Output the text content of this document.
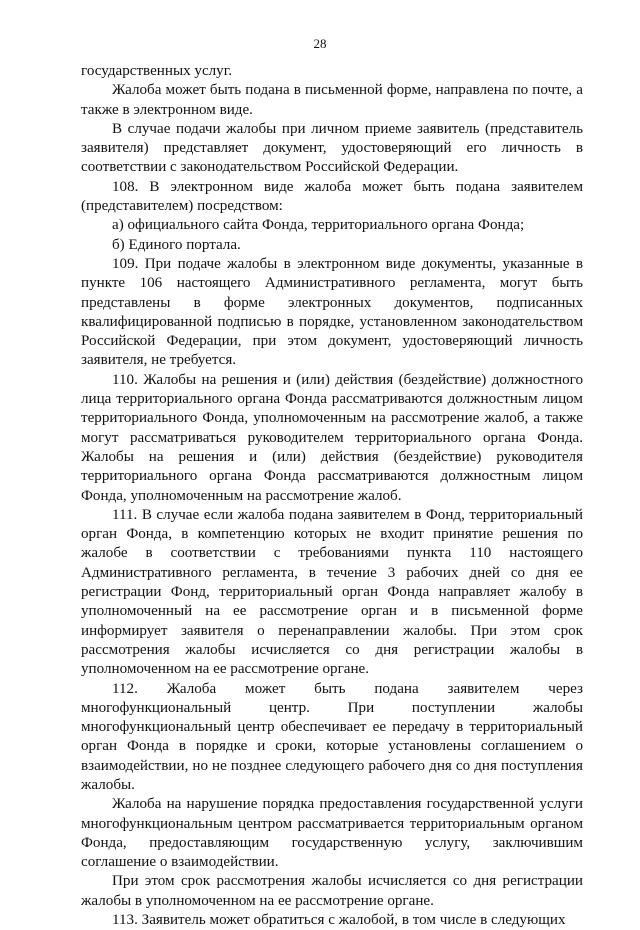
28

государственных услуг.

Жалоба может быть подана в письменной форме, направлена по почте, а также в электронном виде.

В случае подачи жалобы при личном приеме заявитель (представитель заявителя) представляет документ, удостоверяющий его личность в соответствии с законодательством Российской Федерации.

108. В электронном виде жалоба может быть подана заявителем (представителем) посредством:

а) официального сайта Фонда, территориального органа Фонда;

б) Единого портала.

109. При подаче жалобы в электронном виде документы, указанные в пункте 106 настоящего Административного регламента, могут быть представлены в форме электронных документов, подписанных квалифицированной подписью в порядке, установленном законодательством Российской Федерации, при этом документ, удостоверяющий личность заявителя, не требуется.

110. Жалобы на решения и (или) действия (бездействие) должностного лица территориального органа Фонда рассматриваются должностным лицом территориального Фонда, уполномоченным на рассмотрение жалоб, а также могут рассматриваться руководителем территориального органа Фонда. Жалобы на решения и (или) действия (бездействие) руководителя территориального органа Фонда рассматриваются должностным лицом Фонда, уполномоченным на рассмотрение жалоб.

111. В случае если жалоба подана заявителем в Фонд, территориальный орган Фонда, в компетенцию которых не входит принятие решения по жалобе в соответствии с требованиями пункта 110 настоящего Административного регламента, в течение 3 рабочих дней со дня ее регистрации Фонд, территориальный орган Фонда направляет жалобу в уполномоченный на ее рассмотрение орган и в письменной форме информирует заявителя о перенаправлении жалобы. При этом срок рассмотрения жалобы исчисляется со дня регистрации жалобы в уполномоченном на ее рассмотрение органе.

112. Жалоба может быть подана заявителем через многофункциональный центр. При поступлении жалобы многофункциональный центр обеспечивает ее передачу в территориальный орган Фонда в порядке и сроки, которые установлены соглашением о взаимодействии, но не позднее следующего рабочего дня со дня поступления жалобы.

Жалоба на нарушение порядка предоставления государственной услуги многофункциональным центром рассматривается территориальным органом Фонда, предоставляющим государственную услугу, заключившим соглашение о взаимодействии.

При этом срок рассмотрения жалобы исчисляется со дня регистрации жалобы в уполномоченном на ее рассмотрение органе.

113. Заявитель может обратиться с жалобой, в том числе в следующих
